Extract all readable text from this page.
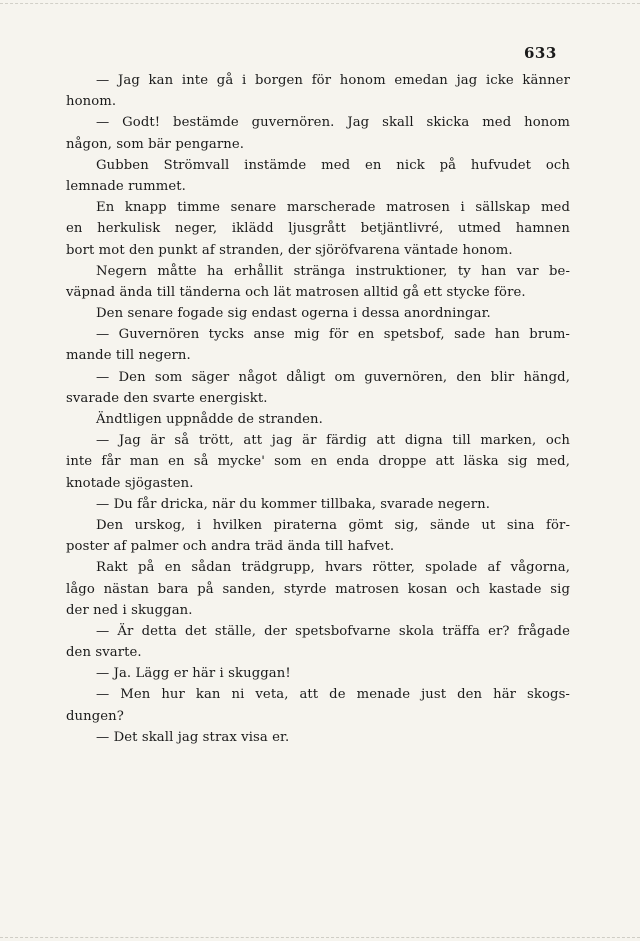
633
— Jag kan inte gå i borgen för honom emedan jag icke känner
honom.
— Godt! bestämde guvernören. Jag skall skicka med honom
någon, som bär pengarne.
Gubben Strömvall instämde med en nick på hufvudet och
lemnade rummet.
En knapp timme senare marscherade matrosen i sällskap med
en herkulisk neger, iklädd ljusgrått betjäntlivré, utmed hamnen
bort mot den punkt af stranden, der sjöröfvarena väntade honom.
Negern måtte ha erhållit stränga instruktioner, ty han var be-
väpnad ända till tänderna och lät matrosen alltid gå ett stycke före.
Den senare fogade sig endast ogerna i dessa anordningar.
— Guvernören tycks anse mig för en spetsbof, sade han brum-
mande till negern.
— Den som säger något dåligt om guvernören, den blir hängd,
svarade den svarte energiskt.
Ändtligen uppnådde de stranden.
— Jag är så trött, att jag är färdig att digna till marken, och
inte får man en så mycke' som en enda droppe att läska sig med,
knotade sjögasten.
— Du får dricka, när du kommer tillbaka, svarade negern.
Den urskog, i hvilken piraterna gömt sig, sände ut sina för-
poster af palmer och andra träd ända till hafvet.
Rakt på en sådan trädgrupp, hvars rötter, spolade af vågorna,
lågo nästan bara på sanden, styrde matrosen kosan och kastade sig
der ned i skuggan.
— Är detta det ställe, der spetsbofvarne skola träffa er? frågade
den svarte.
— Ja. Lägg er här i skuggan!
— Men hur kan ni veta, att de menade just den här skogs-
dungen?
— Det skall jag strax visa er.
